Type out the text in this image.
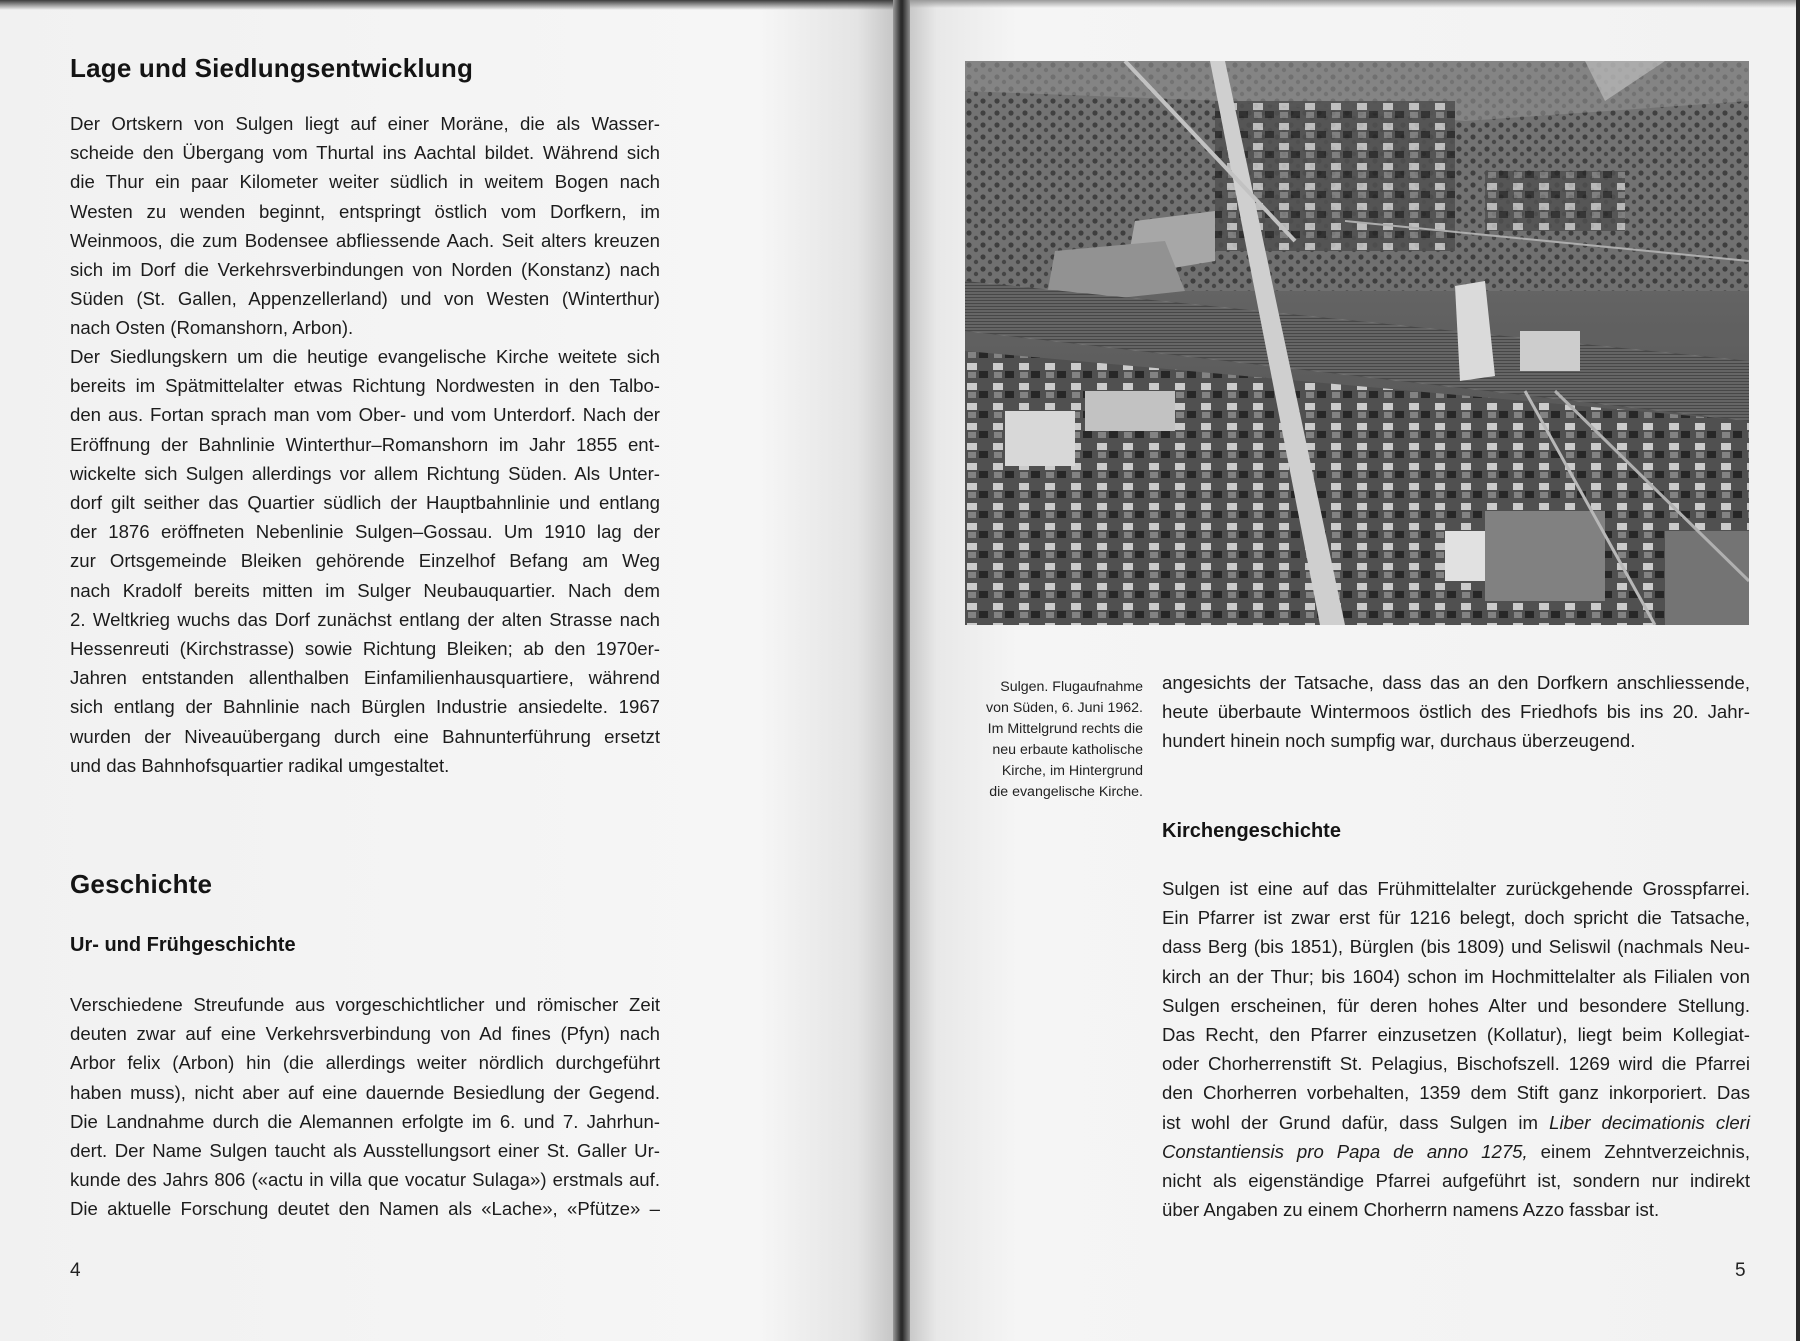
Lage und Siedlungsentwicklung
Der Ortskern von Sulgen liegt auf einer Moräne, die als Wasser-
scheide den Übergang vom Thurtal ins Aachtal bildet. Während sich
die Thur ein paar Kilometer weiter südlich in weitem Bogen nach
Westen zu wenden beginnt, entspringt östlich vom Dorfkern, im
Weinmoos, die zum Bodensee abfliessende Aach. Seit alters kreuzen
sich im Dorf die Verkehrsverbindungen von Norden (Konstanz) nach
Süden (St. Gallen, Appenzellerland) und von Westen (Winterthur)
nach Osten (Romanshorn, Arbon).
Der Siedlungskern um die heutige evangelische Kirche weitete sich
bereits im Spätmittelalter etwas Richtung Nordwesten in den Talbo-
den aus. Fortan sprach man vom Ober- und vom Unterdorf. Nach der
Eröffnung der Bahnlinie Winterthur–Romanshorn im Jahr 1855 ent-
wickelte sich Sulgen allerdings vor allem Richtung Süden. Als Unter-
dorf gilt seither das Quartier südlich der Hauptbahnlinie und entlang
der 1876 eröffneten Nebenlinie Sulgen–Gossau. Um 1910 lag der
zur Ortsgemeinde Bleiken gehörende Einzelhof Befang am Weg
nach Kradolf bereits mitten im Sulger Neubauquartier. Nach dem
2. Weltkrieg wuchs das Dorf zunächst entlang der alten Strasse nach
Hessenreuti (Kirchstrasse) sowie Richtung Bleiken; ab den 1970er-
Jahren entstanden allenthalben Einfamilienhausquartiere, während
sich entlang der Bahnlinie nach Bürglen Industrie ansiedelte. 1967
wurden der Niveauübergang durch eine Bahnunterführung ersetzt
und das Bahnhofsquartier radikal umgestaltet.
Geschichte
Ur- und Frühgeschichte
Verschiedene Streufunde aus vorgeschichtlicher und römischer Zeit
deuten zwar auf eine Verkehrsverbindung von Ad fines (Pfyn) nach
Arbor felix (Arbon) hin (die allerdings weiter nördlich durchgeführt
haben muss), nicht aber auf eine dauernde Besiedlung der Gegend.
Die Landnahme durch die Alemannen erfolgte im 6. und 7. Jahrhun-
dert. Der Name Sulgen taucht als Ausstellungsort einer St. Galler Ur-
kunde des Jahrs 806 («actu in villa que vocatur Sulaga») erstmals auf.
Die aktuelle Forschung deutet den Namen als «Lache», «Pfütze» –

4

Sulgen. Flugaufnahme
von Süden, 6. Juni 1962.
Im Mittelgrund rechts die
neu erbaute katholische
Kirche, im Hintergrund
die evangelische Kirche.
angesichts der Tatsache, dass das an den Dorfkern anschliessende,
heute überbaute Wintermoos östlich des Friedhofs bis ins 20. Jahr-
hundert hinein noch sumpfig war, durchaus überzeugend.
Kirchengeschichte
Sulgen ist eine auf das Frühmittelalter zurückgehende Grosspfarrei.
Ein Pfarrer ist zwar erst für 1216 belegt, doch spricht die Tatsache,
dass Berg (bis 1851), Bürglen (bis 1809) und Seliswil (nachmals Neu-
kirch an der Thur; bis 1604) schon im Hochmittelalter als Filialen von
Sulgen erscheinen, für deren hohes Alter und besondere Stellung.
Das Recht, den Pfarrer einzusetzen (Kollatur), liegt beim Kollegiat-
oder Chorherrenstift St. Pelagius, Bischofszell. 1269 wird die Pfarrei
den Chorherren vorbehalten, 1359 dem Stift ganz inkorporiert. Das
ist wohl der Grund dafür, dass Sulgen im Liber decimationis cleri
Constantiensis pro Papa de anno 1275, einem Zehntverzeichnis,
nicht als eigenständige Pfarrei aufgeführt ist, sondern nur indirekt
über Angaben zu einem Chorherrn namens Azzo fassbar ist.

5
